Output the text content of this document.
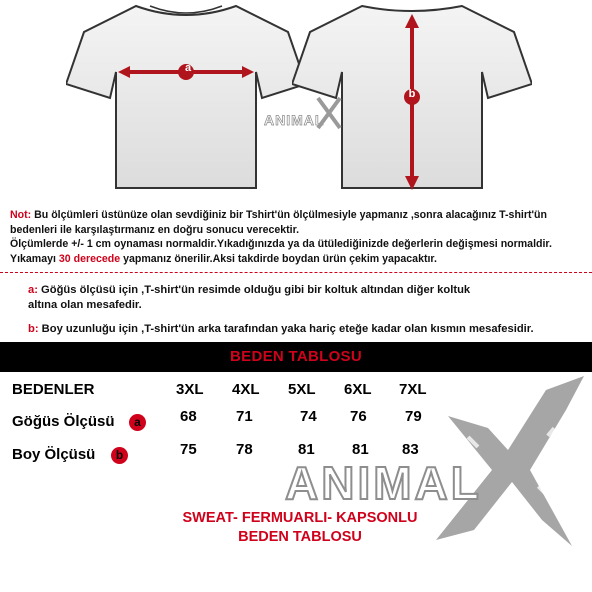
a
b
ANIMAL
Not: Bu ölçümleri üstünüze olan sevdiğiniz bir Tshirt'ün ölçülmesiyle yapmanız ,sonra alacağınız T-shirt'ün
bedenleri ile karşılaştırmanız en doğru sonucu verecektir.
Ölçümlerde +/- 1 cm oynaması normaldir.Yıkadığınızda ya da ütülediğinizde değerlerin değişmesi normaldir.
Yıkamayı 30 derecede yapmanız önerilir.Aksi takdirde boydan ürün çekim yapacaktır.
a: Göğüs ölçüsü için ,T-shirt'ün resimde olduğu gibi bir koltuk altından diğer koltuk
altına olan mesafedir.
b: Boy uzunluğu için ,T-shirt'ün arka tarafından yaka hariç eteğe kadar olan kısmın mesafesidir.
BEDEN TABLOSU
BEDENLER	3XL 4XL 5XL 6XL 7XL
Göğüs Ölçüsü	a	68	71	74 76	79
Boy Ölçüsü	b	75	78	81 81 83
ANIMAL
SWEAT- FERMUARLI- KAPSONLU
BEDEN TABLOSU
